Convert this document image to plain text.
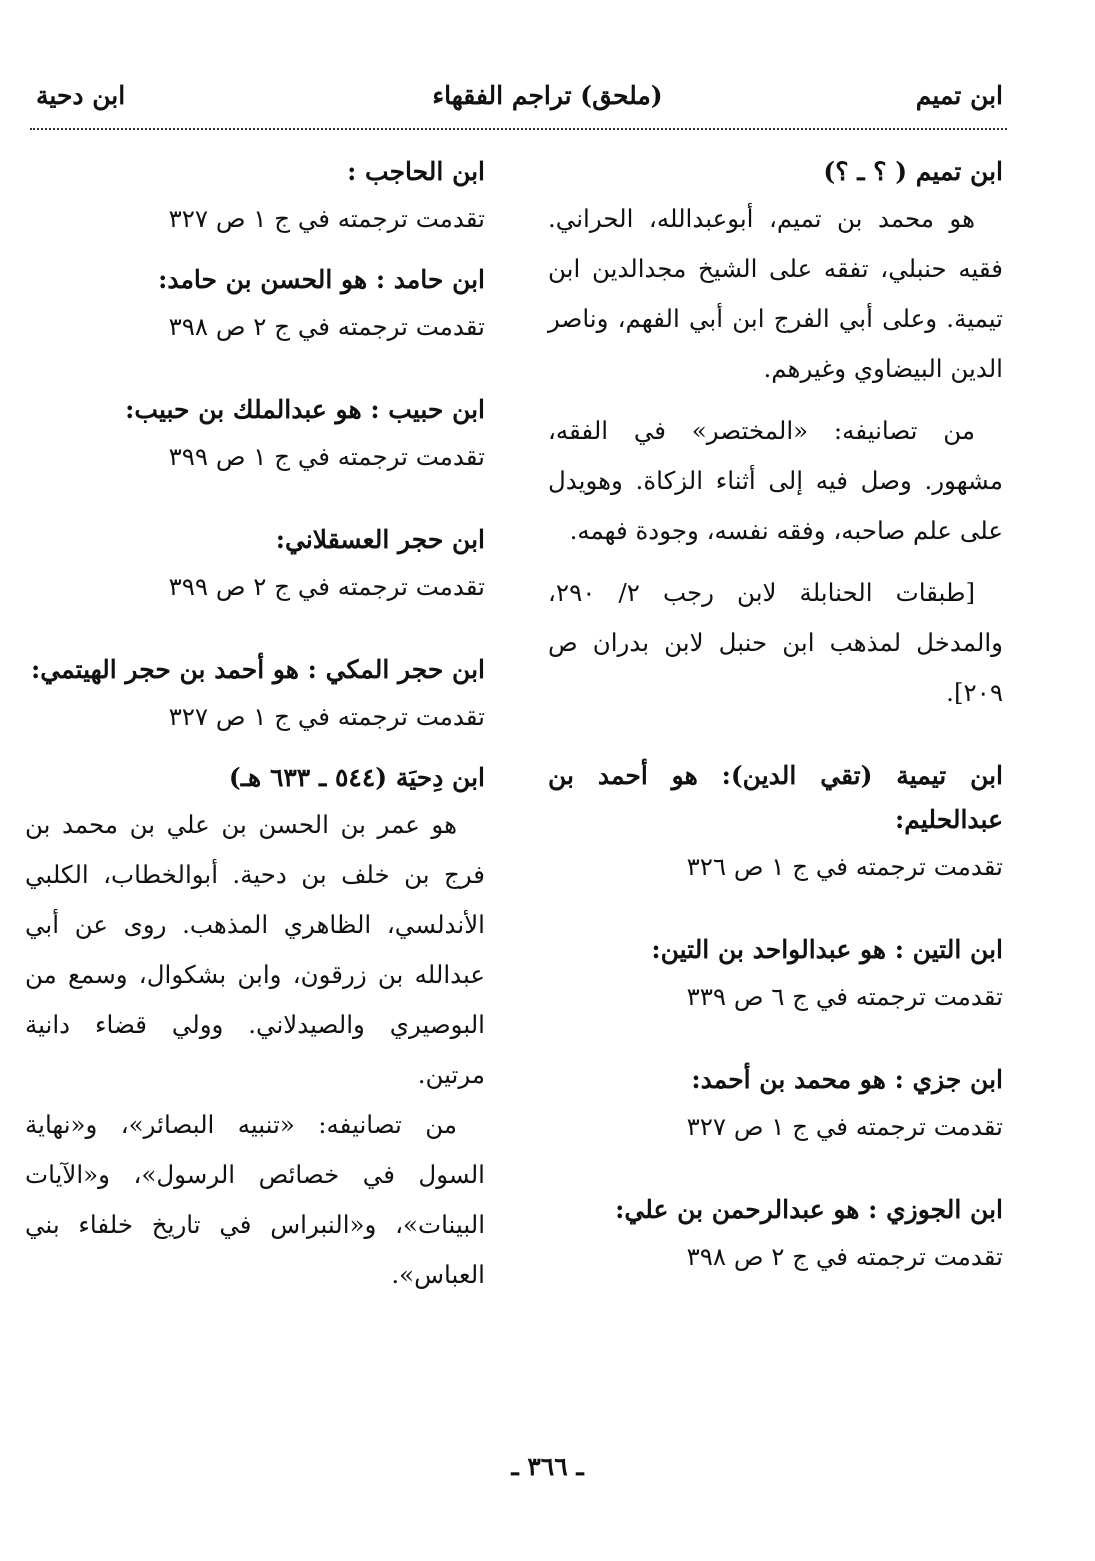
ابن تميم
(ملحق) تراجم الفقهاء
ابن دحية
ابن تميم ( ؟ ـ ؟)

هو محمد بن تميم، أبوعبدالله، الحراني. فقيه حنبلي، تفقه على الشيخ مجدالدين ابن تيمية. وعلى أبي الفرج ابن أبي الفهم، وناصر الدين البيضاوي وغيرهم.

من تصانيفه: «المختصر» في الفقه، مشهور. وصل فيه إلى أثناء الزكاة. وهويدل على علم صاحبه، وفقه نفسه، وجودة فهمه.

[طبقات الحنابلة لابن رجب ٢/ ٢٩٠، والمدخل لمذهب ابن حنبل لابن بدران ص ٢٠٩].

ابن تيمية (تقي الدين): هو أحمد بن عبدالحليم:
تقدمت ترجمته في ج ١ ص ٣٢٦
ابن التين : هو عبدالواحد بن التين:
تقدمت ترجمته في ج ٦ ص ٣٣٩
ابن جزي : هو محمد بن أحمد:
تقدمت ترجمته في ج ١ ص ٣٢٧
ابن الجوزي : هو عبدالرحمن بن علي:
تقدمت ترجمته في ج ٢ ص ٣٩٨
ابن الحاجب :
تقدمت ترجمته في ج ١ ص ٣٢٧
ابن حامد : هو الحسن بن حامد:
تقدمت ترجمته في ج ٢ ص ٣٩٨
ابن حبيب : هو عبدالملك بن حبيب:
تقدمت ترجمته في ج ١ ص ٣٩٩
ابن حجر العسقلاني:
تقدمت ترجمته في ج ٢ ص ٣٩٩
ابن حجر المكي : هو أحمد بن حجر الهيتمي:
تقدمت ترجمته في ج ١ ص ٣٢٧
ابن دِحيَة (٥٤٤ ـ ٦٣٣ هـ)

هو عمر بن الحسن بن علي بن محمد بن فرج بن خلف بن دحية. أبوالخطاب، الكلبي الأندلسي، الظاهري المذهب. روى عن أبي عبدالله بن زرقون، وابن بشكوال، وسمع من البوصيري والصيدلاني. وولي قضاء دانية مرتين.

من تصانيفه: «تنبيه البصائر»، و«نهاية السول في خصائص الرسول»، و«الآيات البينات»، و«النبراس في تاريخ خلفاء بني العباس».

ـ ٣٦٦ ـ
